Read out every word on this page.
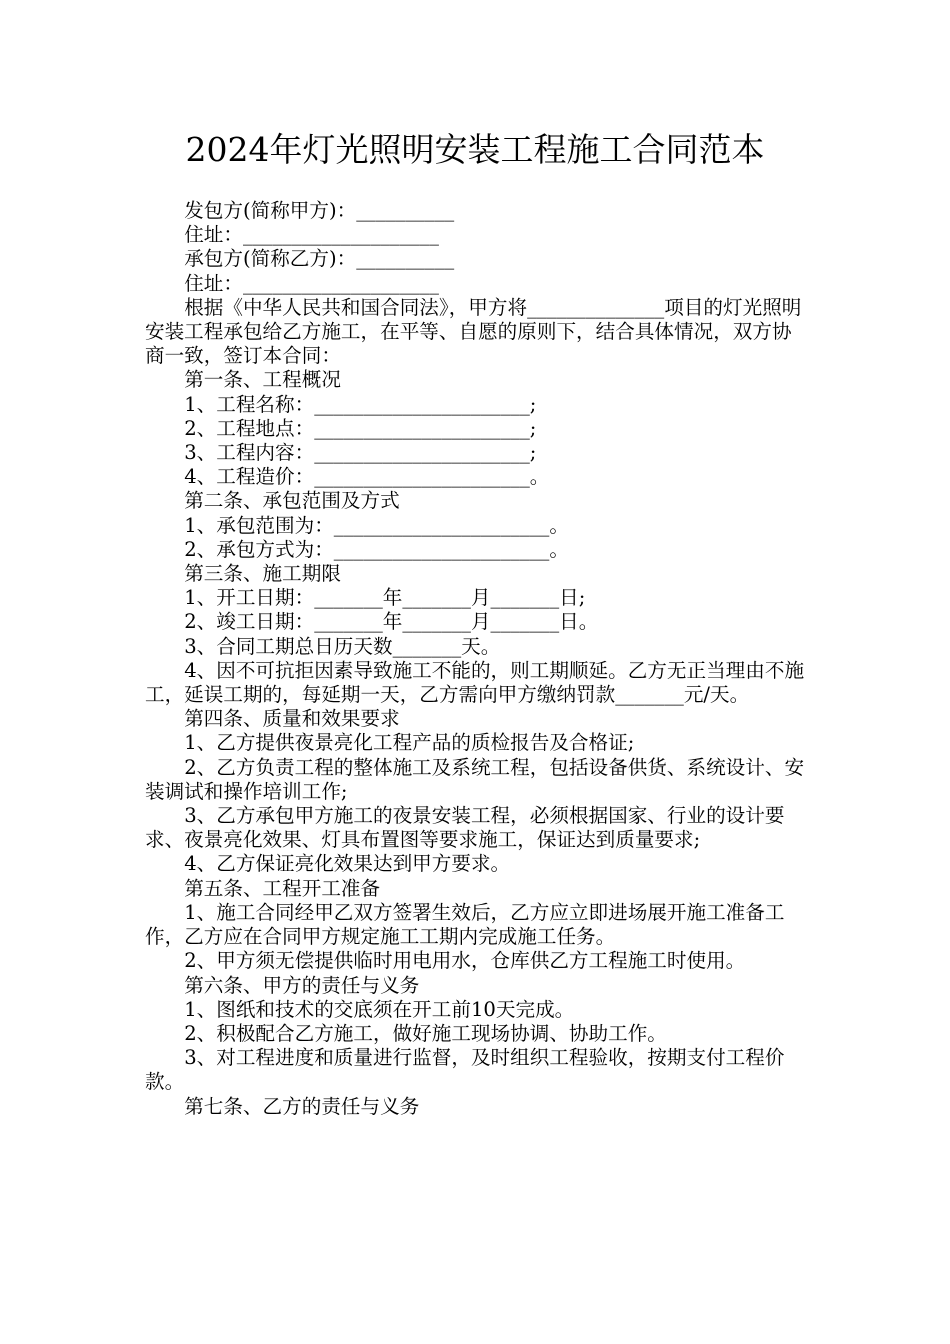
2024年灯光照明安装工程施工合同范本

发包方(简称甲方)：__________

住址：____________________

承包方(简称乙方)：__________

住址：____________________

根据《中华人民共和国合同法》，甲方将______________项目的灯光照明安装工程承包给乙方施工，在平等、自愿的原则下，结合具体情况，双方协商一致，签订本合同：

第一条、工程概况

1、工程名称：______________________;

2、工程地点：______________________;

3、工程内容：______________________;

4、工程造价：______________________。

第二条、承包范围及方式

1、承包范围为：______________________。

2、承包方式为：______________________。

第三条、施工期限

1、开工日期：_______年_______月_______日;

2、竣工日期：_______年_______月_______日。

3、合同工期总日历天数_______天。

4、因不可抗拒因素导致施工不能的，则工期顺延。乙方无正当理由不施工，延误工期的，每延期一天，乙方需向甲方缴纳罚款_______元/天。

第四条、质量和效果要求

1、乙方提供夜景亮化工程产品的质检报告及合格证;

2、乙方负责工程的整体施工及系统工程，包括设备供货、系统设计、安装调试和操作培训工作;

3、乙方承包甲方施工的夜景安装工程，必须根据国家、行业的设计要求、夜景亮化效果、灯具布置图等要求施工，保证达到质量要求;

4、乙方保证亮化效果达到甲方要求。

第五条、工程开工准备

1、施工合同经甲乙双方签署生效后，乙方应立即进场展开施工准备工作，乙方应在合同甲方规定施工工期内完成施工任务。

2、甲方须无偿提供临时用电用水，仓库供乙方工程施工时使用。

第六条、甲方的责任与义务

1、图纸和技术的交底须在开工前10天完成。

2、积极配合乙方施工，做好施工现场协调、协助工作。

3、对工程进度和质量进行监督，及时组织工程验收，按期支付工程价款。

第七条、乙方的责任与义务
